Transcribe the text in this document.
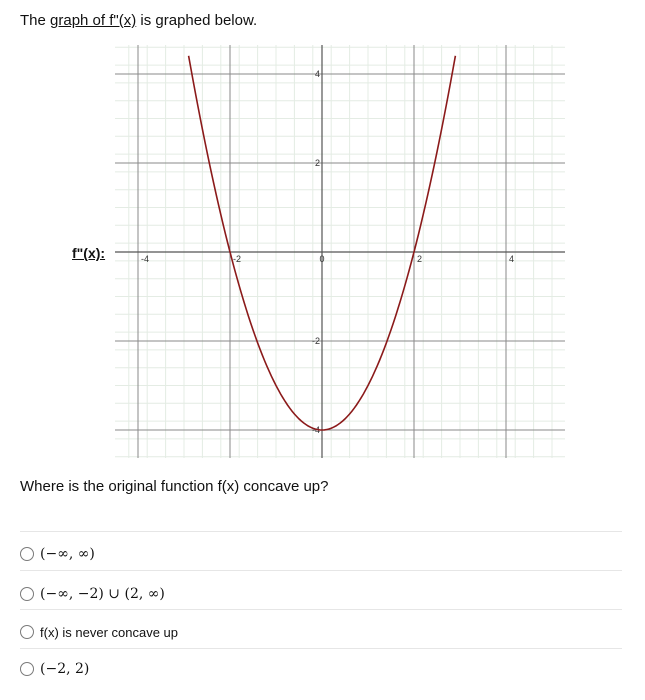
The graph of f"(x) is graphed below.
-4	-2	0	2	4
4
2
-2
-4
f"(x):
Where is the original function f(x) concave up?
(−∞, ∞)
(−∞, −2) ∪ (2, ∞)
f(x) is never concave up
(−2, 2)
